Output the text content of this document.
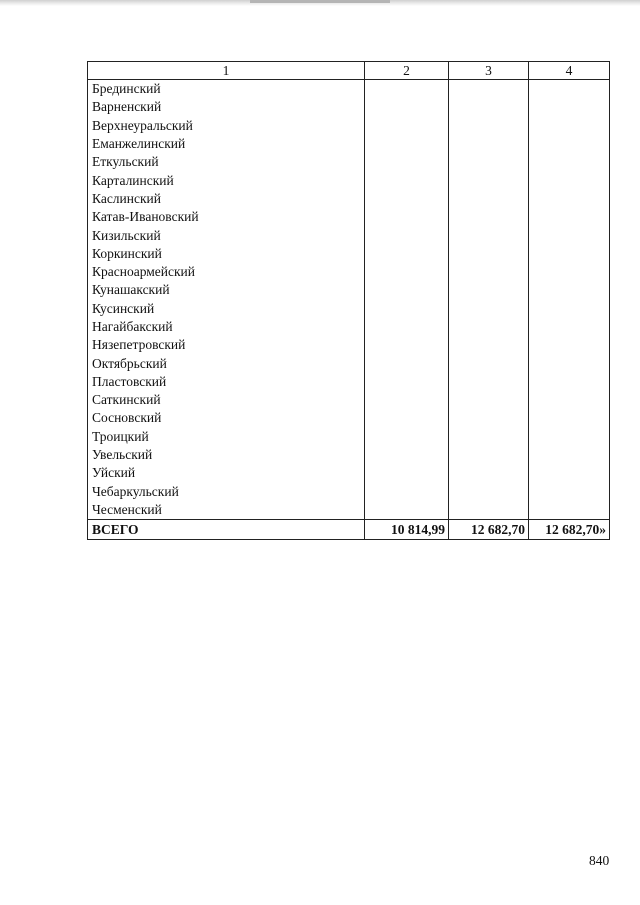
1	2	3	4
Брединский			
Варненский			
Верхнеуральский			
Еманжелинский			
Еткульский			
Карталинский			
Каслинский			
Катав-Ивановский			
Кизильский			
Коркинский			
Красноармейский			
Кунашакский			
Кусинский			
Нагайбакский			
Нязепетровский			
Октябрьский			
Пластовский			
Саткинский			
Сосновский			
Троицкий			
Увельский			
Уйский			
Чебаркульский			
Чесменский			
ВСЕГО	10 814,99	12 682,70	12 682,70»
840
